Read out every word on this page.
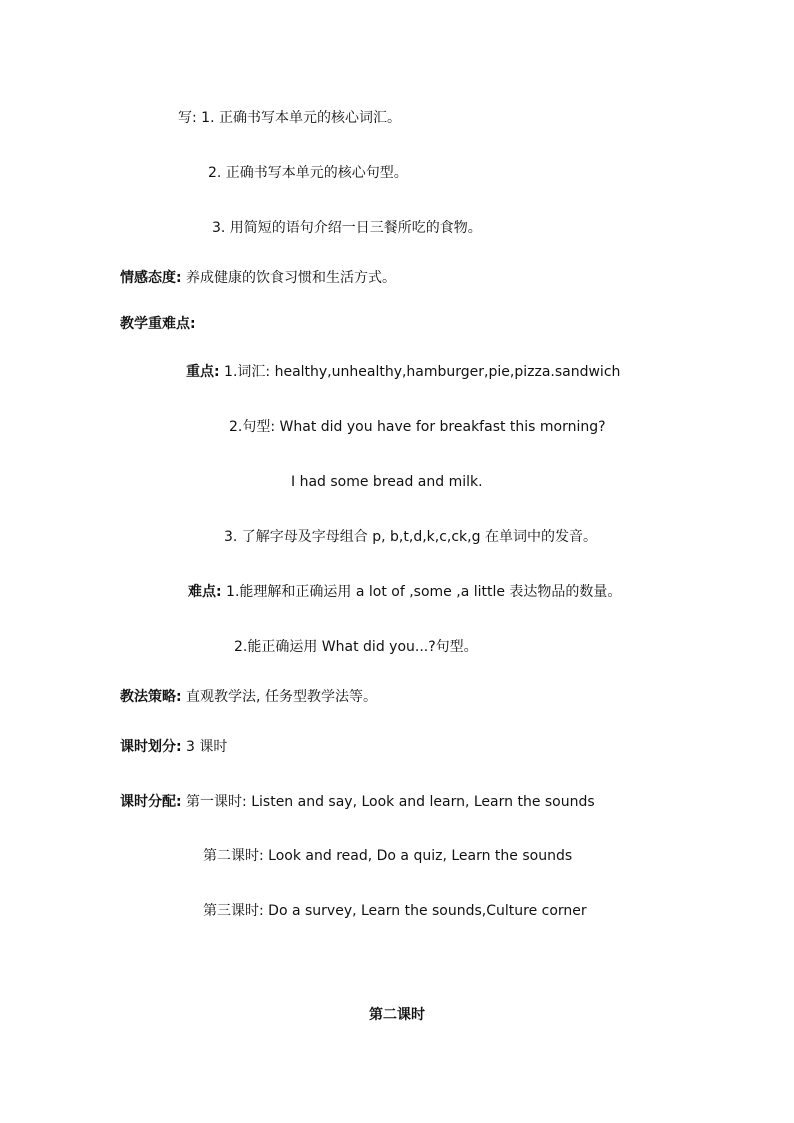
写: 1. 正确书写本单元的核心词汇。
2. 正确书写本单元的核心句型。
3. 用简短的语句介绍一日三餐所吃的食物。
情感态度: 养成健康的饮食习惯和生活方式。
教学重难点:
重点: 1.词汇: healthy,unhealthy,hamburger,pie,pizza.sandwich
2.句型: What did you have for breakfast this morning?
I had some bread and milk.
3. 了解字母及字母组合 p, b,t,d,k,c,ck,g 在单词中的发音。
难点: 1.能理解和正确运用 a lot of ,some ,a little 表达物品的数量。
2.能正确运用 What did you...?句型。
教法策略: 直观教学法, 任务型教学法等。
课时划分: 3 课时
课时分配: 第一课时: Listen and say, Look and learn, Learn the sounds
第二课时: Look and read, Do a quiz, Learn the sounds
第三课时: Do a survey, Learn the sounds,Culture corner
第二课时
